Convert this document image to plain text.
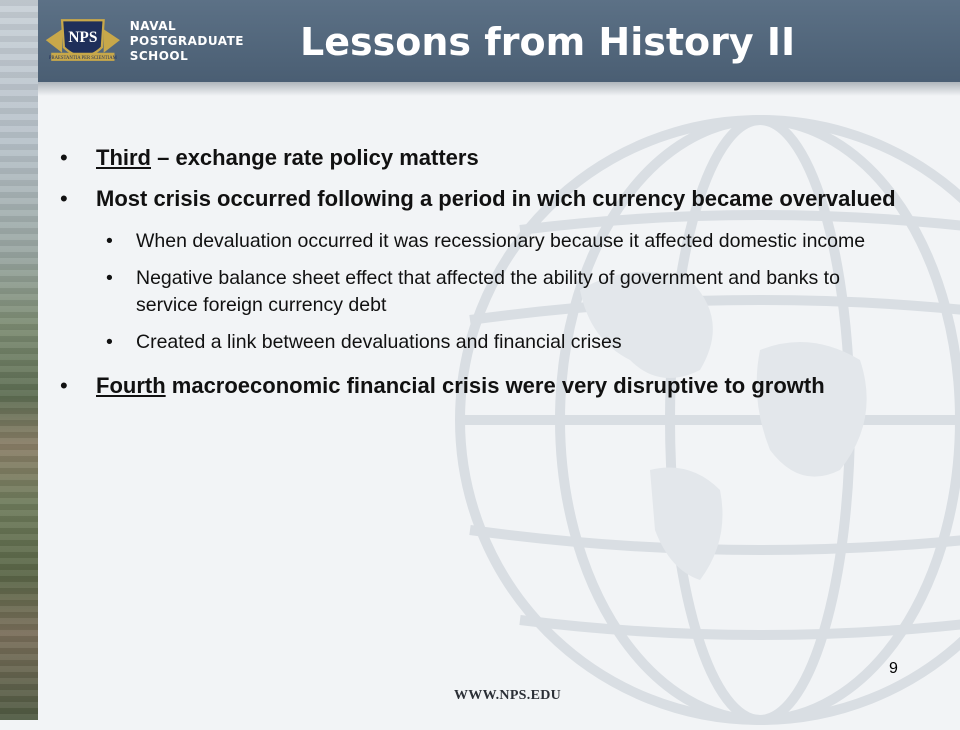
NPS
PRAESTANTIA PER SCIENTIAM
NAVAL
POSTGRADUATE
SCHOOL	Lessons from History II
• Third – exchange rate policy matters
• Most crisis occurred following a period in wich currency became overvalued
• When devaluation occurred it was recessionary because it affected domestic income
• Negative balance sheet effect that affected the ability of government and banks to service foreign currency debt
• Created a link between devaluations and financial crises
• Fourth macroeconomic financial crisis were very disruptive to growth
9
WWW.NPS.EDU
